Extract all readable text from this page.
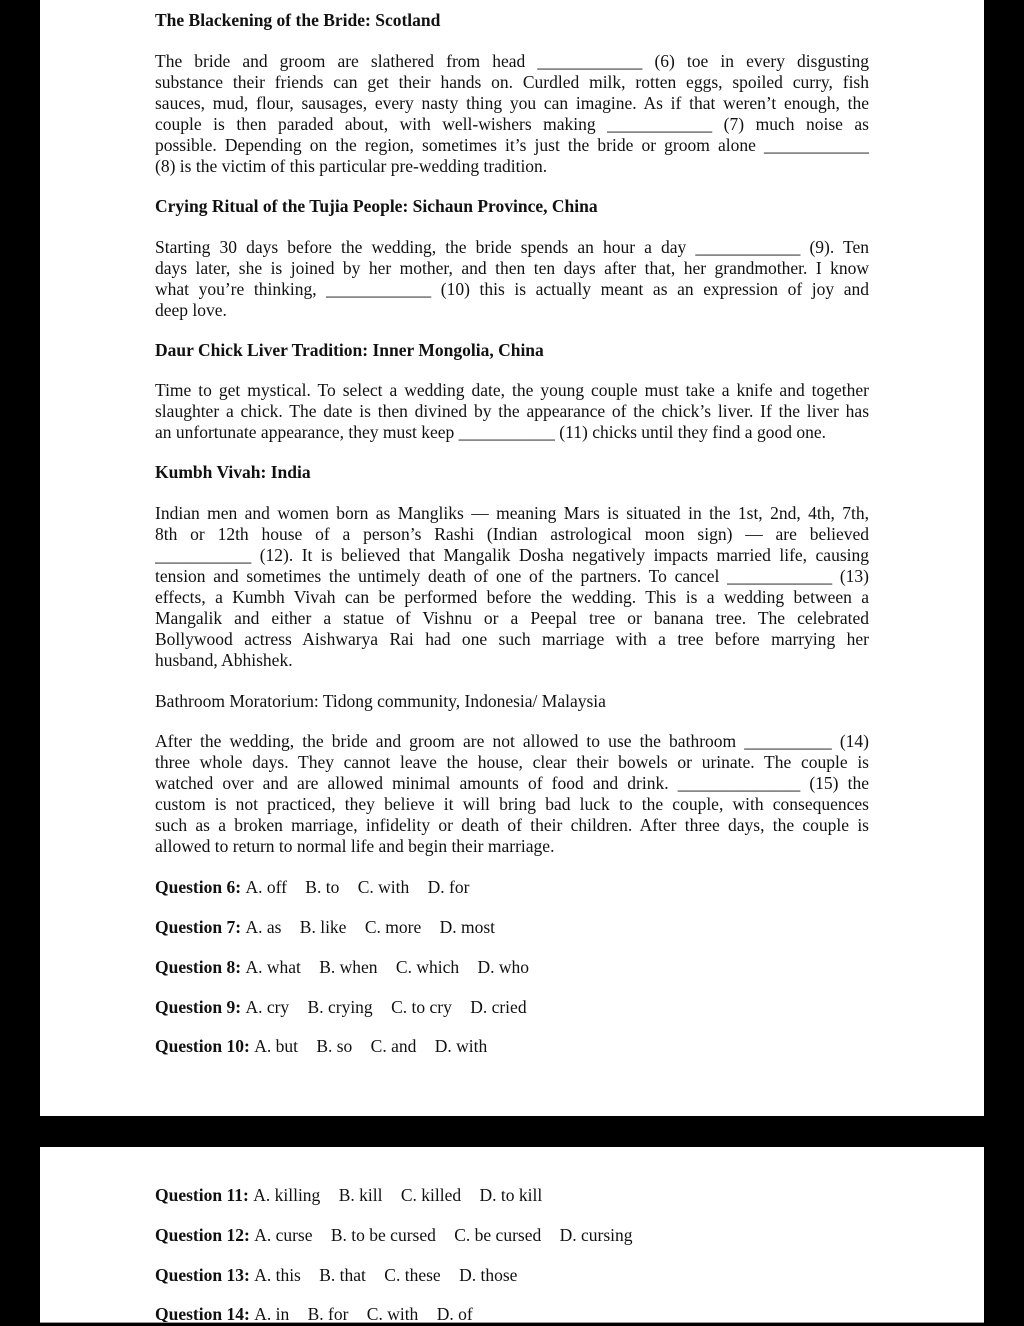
The Blackening of the Bride: Scotland
The bride and groom are slathered from head ____________ (6) toe in every disgusting
substance their friends can get their hands on. Curdled milk, rotten eggs, spoiled curry, fish
sauces, mud, flour, sausages, every nasty thing you can imagine. As if that weren’t enough, the
couple is then paraded about, with well-wishers making ____________ (7) much noise as
possible. Depending on the region, sometimes it’s just the bride or groom alone ____________
(8) is the victim of this particular pre-wedding tradition.
Crying Ritual of the Tujia People: Sichaun Province, China
Starting 30 days before the wedding, the bride spends an hour a day ____________ (9). Ten
days later, she is joined by her mother, and then ten days after that, her grandmother. I know
what you’re thinking, ____________ (10) this is actually meant as an expression of joy and
deep love.
Daur Chick Liver Tradition: Inner Mongolia, China
Time to get mystical. To select a wedding date, the young couple must take a knife and together
slaughter a chick. The date is then divined by the appearance of the chick’s liver. If the liver has
an unfortunate appearance, they must keep ___________ (11) chicks until they find a good one.
Kumbh Vivah: India
Indian men and women born as Mangliks — meaning Mars is situated in the 1st, 2nd, 4th, 7th,
8th or 12th house of a person’s Rashi (Indian astrological moon sign) — are believed
___________ (12). It is believed that Mangalik Dosha negatively impacts married life, causing
tension and sometimes the untimely death of one of the partners. To cancel ____________ (13)
effects, a Kumbh Vivah can be performed before the wedding. This is a wedding between a
Mangalik and either a statue of Vishnu or a Peepal tree or banana tree. The celebrated
Bollywood actress Aishwarya Rai had one such marriage with a tree before marrying her
husband, Abhishek.
Bathroom Moratorium: Tidong community, Indonesia/ Malaysia
After the wedding, the bride and groom are not allowed to use the bathroom __________ (14)
three whole days. They cannot leave the house, clear their bowels or urinate. The couple is
watched over and are allowed minimal amounts of food and drink. ______________ (15) the
custom is not practiced, they believe it will bring bad luck to the couple, with consequences
such as a broken marriage, infidelity or death of their children. After three days, the couple is
allowed to return to normal life and begin their marriage.
Question 6: A. off B. to C. with D. for
Question 7: A. as B. like C. more D. most
Question 8: A. what B. when C. which D. who
Question 9: A. cry B. crying C. to cry D. cried
Question 10: A. but B. so C. and D. with
Question 11: A. killing B. kill C. killed D. to kill
Question 12: A. curse B. to be cursed C. be cursed D. cursing
Question 13: A. this B. that C. these D. those
Question 14: A. in B. for C. with D. of
